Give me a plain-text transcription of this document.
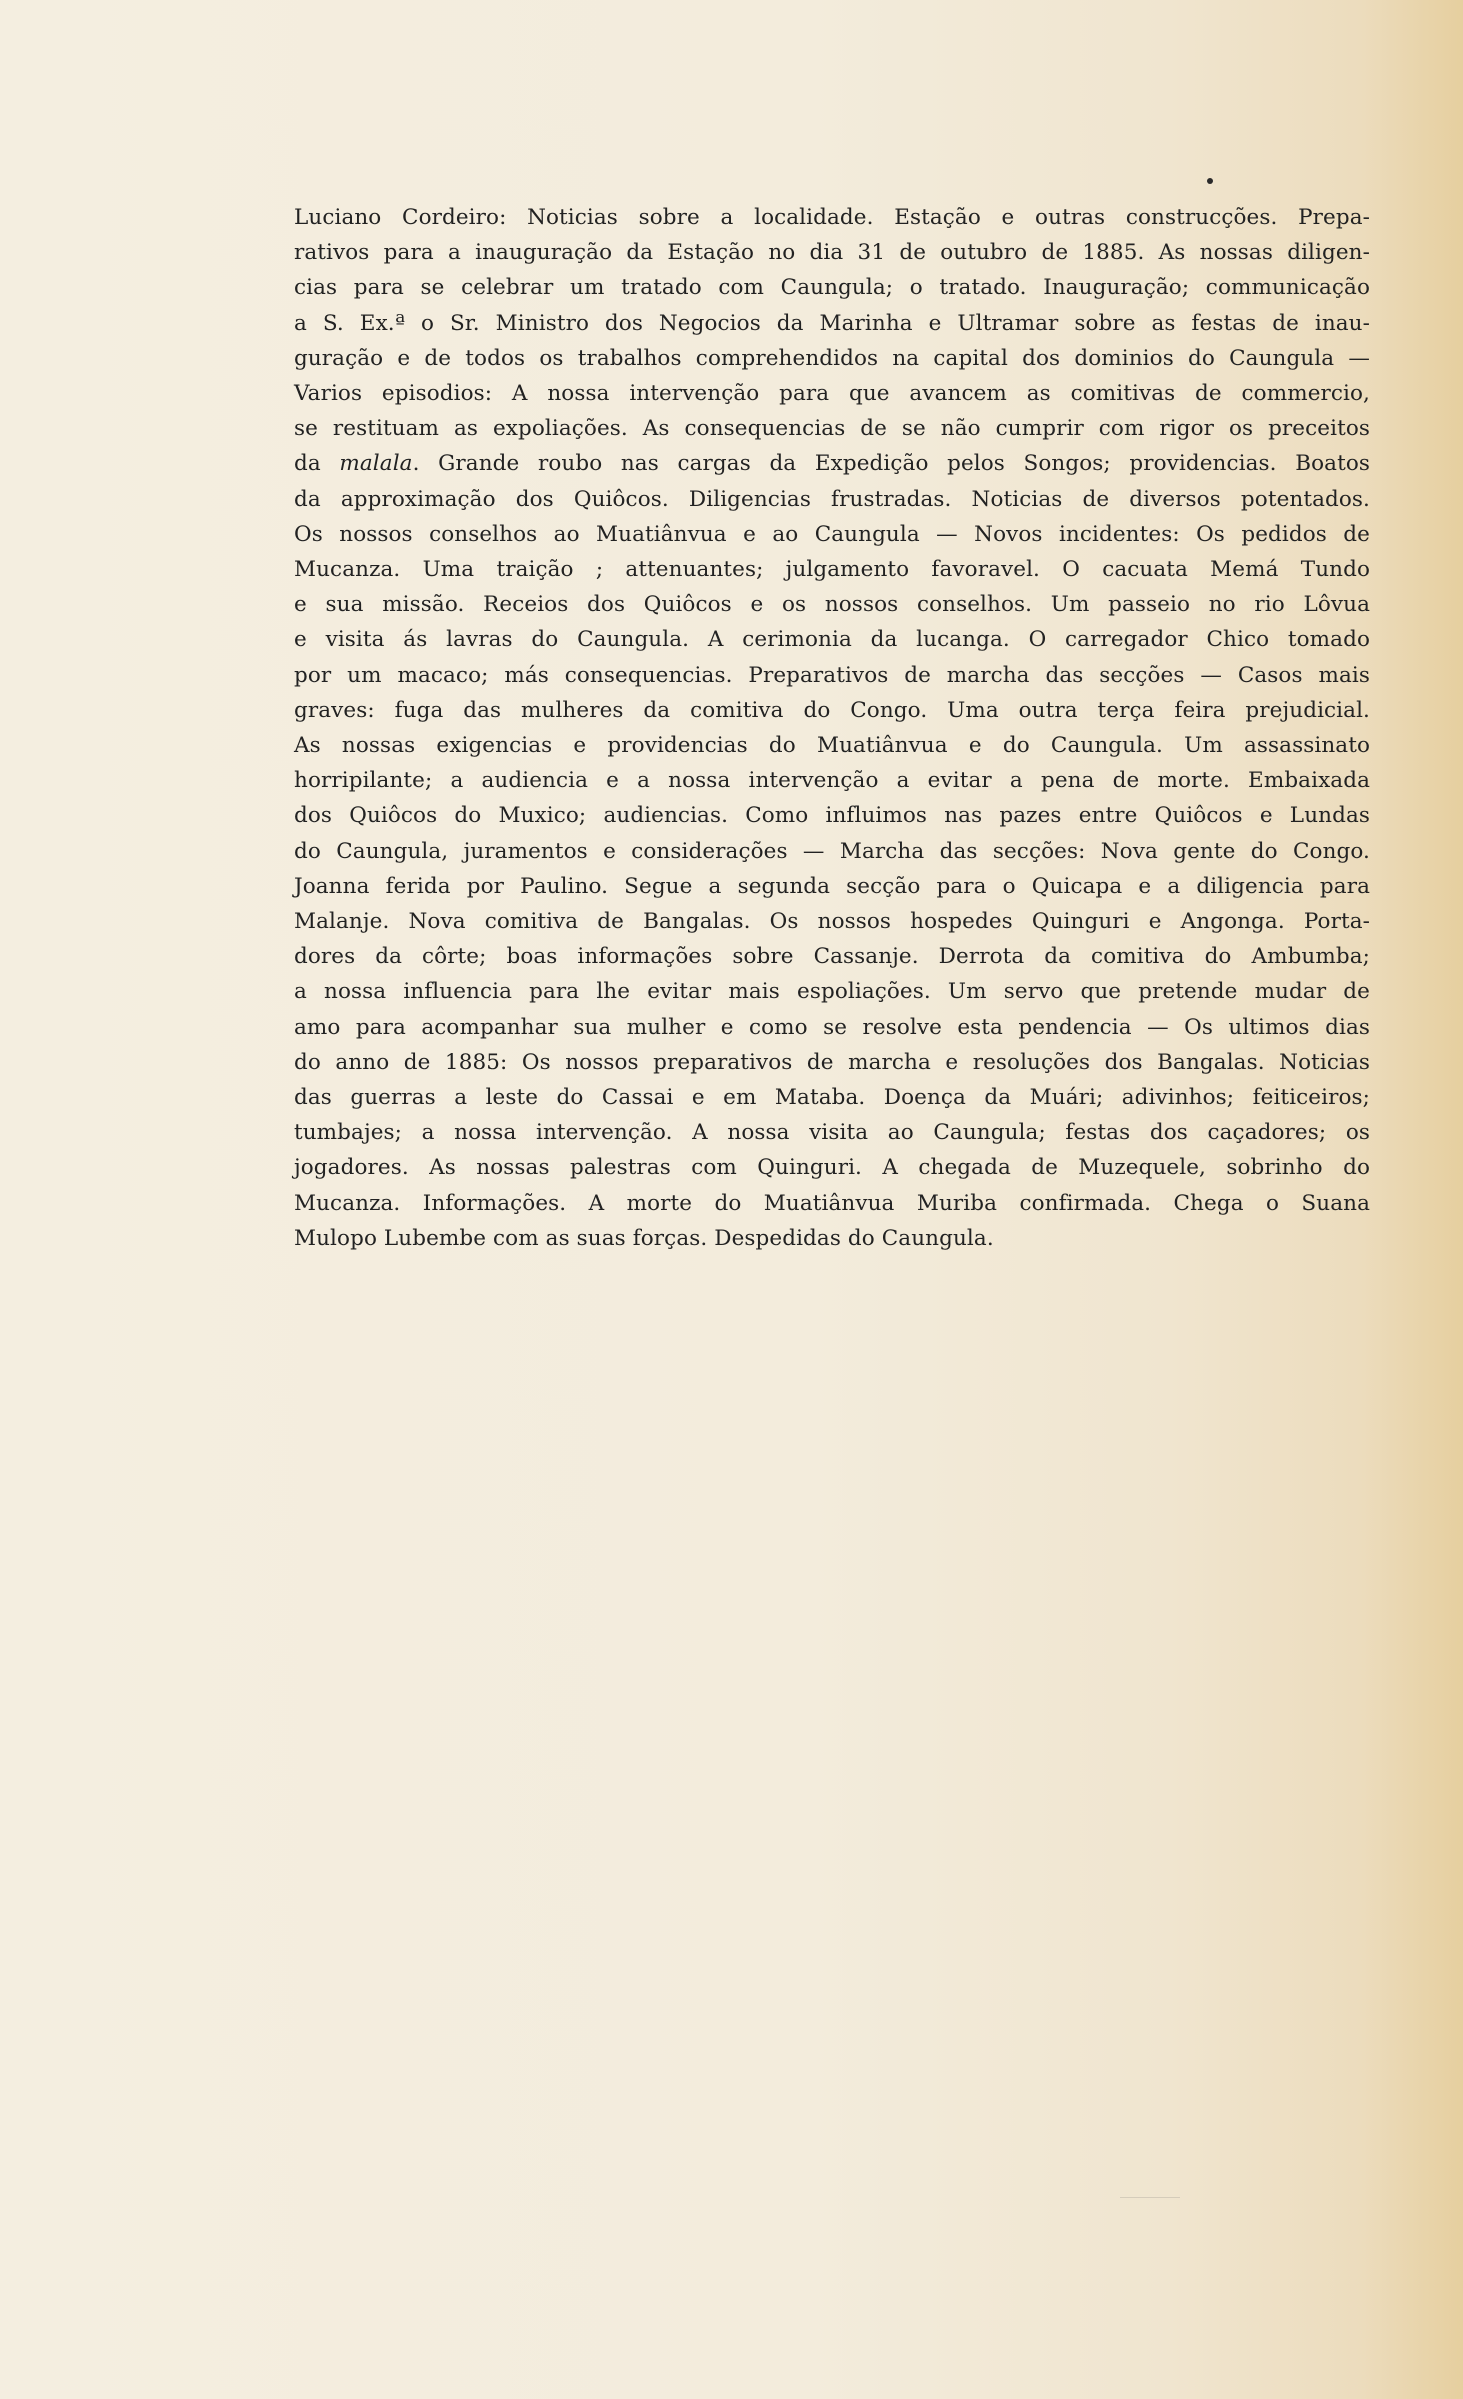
Luciano Cordeiro: Noticias sobre a localidade. Estação e outras construcções. Prepa-
rativos para a inauguração da Estação no dia 31 de outubro de 1885. As nossas diligen-
cias para se celebrar um tratado com Caungula; o tratado. Inauguração; communicação
a S. Ex.ª o Sr. Ministro dos Negocios da Marinha e Ultramar sobre as festas de inau-
guração e de todos os trabalhos comprehendidos na capital dos dominios do Caungula —
Varios episodios: A nossa intervenção para que avancem as comitivas de commercio,
se restituam as expoliações. As consequencias de se não cumprir com rigor os preceitos
da malala. Grande roubo nas cargas da Expedição pelos Songos; providencias. Boatos
da approximação dos Quiôcos. Diligencias frustradas. Noticias de diversos potentados.
Os nossos conselhos ao Muatiânvua e ao Caungula — Novos incidentes: Os pedidos de
Mucanza. Uma traição ; attenuantes; julgamento favoravel. O cacuata Memá Tundo
e sua missão. Receios dos Quiôcos e os nossos conselhos. Um passeio no rio Lôvua
e visita ás lavras do Caungula. A cerimonia da lucanga. O carregador Chico tomado
por um macaco; más consequencias. Preparativos de marcha das secções — Casos mais
graves: fuga das mulheres da comitiva do Congo. Uma outra terça feira prejudicial.
As nossas exigencias e providencias do Muatiânvua e do Caungula. Um assassinato
horripilante; a audiencia e a nossa intervenção a evitar a pena de morte. Embaixada
dos Quiôcos do Muxico; audiencias. Como influimos nas pazes entre Quiôcos e Lundas
do Caungula, juramentos e considerações — Marcha das secções: Nova gente do Congo.
Joanna ferida por Paulino. Segue a segunda secção para o Quicapa e a diligencia para
Malanje. Nova comitiva de Bangalas. Os nossos hospedes Quinguri e Angonga. Porta-
dores da côrte; boas informações sobre Cassanje. Derrota da comitiva do Ambumba;
a nossa influencia para lhe evitar mais espoliações. Um servo que pretende mudar de
amo para acompanhar sua mulher e como se resolve esta pendencia — Os ultimos dias
do anno de 1885: Os nossos preparativos de marcha e resoluções dos Bangalas. Noticias
das guerras a leste do Cassai e em Mataba. Doença da Muári; adivinhos; feiticeiros;
tumbajes; a nossa intervenção. A nossa visita ao Caungula; festas dos caçadores; os
jogadores. As nossas palestras com Quinguri. A chegada de Muzequele, sobrinho do
Mucanza. Informações. A morte do Muatiânvua Muriba confirmada. Chega o Suana
Mulopo Lubembe com as suas forças. Despedidas do Caungula.
